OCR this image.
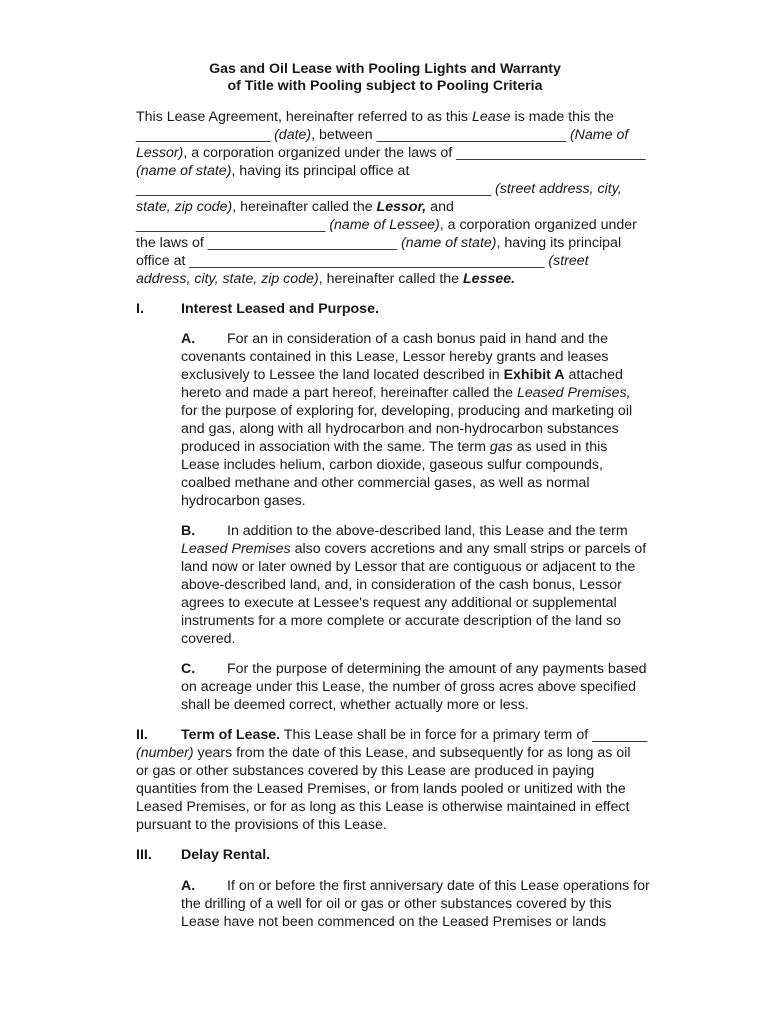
Gas and Oil Lease with Pooling Lights and Warranty
of Title with Pooling subject to Pooling Criteria
This Lease Agreement, hereinafter referred to as this Lease is made this the
_________________ (date), between ________________________ (Name of
Lessor), a corporation organized under the laws of ________________________
(name of state), having its principal office at
_____________________________________________ (street address, city,
state, zip code), hereinafter called the Lessor, and
________________________ (name of Lessee), a corporation organized under
the laws of ________________________ (name of state), having its principal
office at _____________________________________________ (street
address, city, state, zip code), hereinafter called the Lessee.
I.	Interest Leased and Purpose.
A. For an in consideration of a cash bonus paid in hand and the
covenants contained in this Lease, Lessor hereby grants and leases
exclusively to Lessee the land located described in Exhibit A attached
hereto and made a part hereof, hereinafter called the Leased Premises,
for the purpose of exploring for, developing, producing and marketing oil
and gas, along with all hydrocarbon and non-hydrocarbon substances
produced in association with the same. The term gas as used in this
Lease includes helium, carbon dioxide, gaseous sulfur compounds,
coalbed methane and other commercial gases, as well as normal
hydrocarbon gases.
B. In addition to the above-described land, this Lease and the term
Leased Premises also covers accretions and any small strips or parcels of
land now or later owned by Lessor that are contiguous or adjacent to the
above-described land, and, in consideration of the cash bonus, Lessor
agrees to execute at Lessee's request any additional or supplemental
instruments for a more complete or accurate description of the land so
covered.
C. For the purpose of determining the amount of any payments based
on acreage under this Lease, the number of gross acres above specified
shall be deemed correct, whether actually more or less.
II. Term of Lease. This Lease shall be in force for a primary term of _______
(number) years from the date of this Lease, and subsequently for as long as oil
or gas or other substances covered by this Lease are produced in paying
quantities from the Leased Premises, or from lands pooled or unitized with the
Leased Premises, or for as long as this Lease is otherwise maintained in effect
pursuant to the provisions of this Lease.
III. Delay Rental.
A. If on or before the first anniversary date of this Lease operations for
the drilling of a well for oil or gas or other substances covered by this
Lease have not been commenced on the Leased Premises or lands
